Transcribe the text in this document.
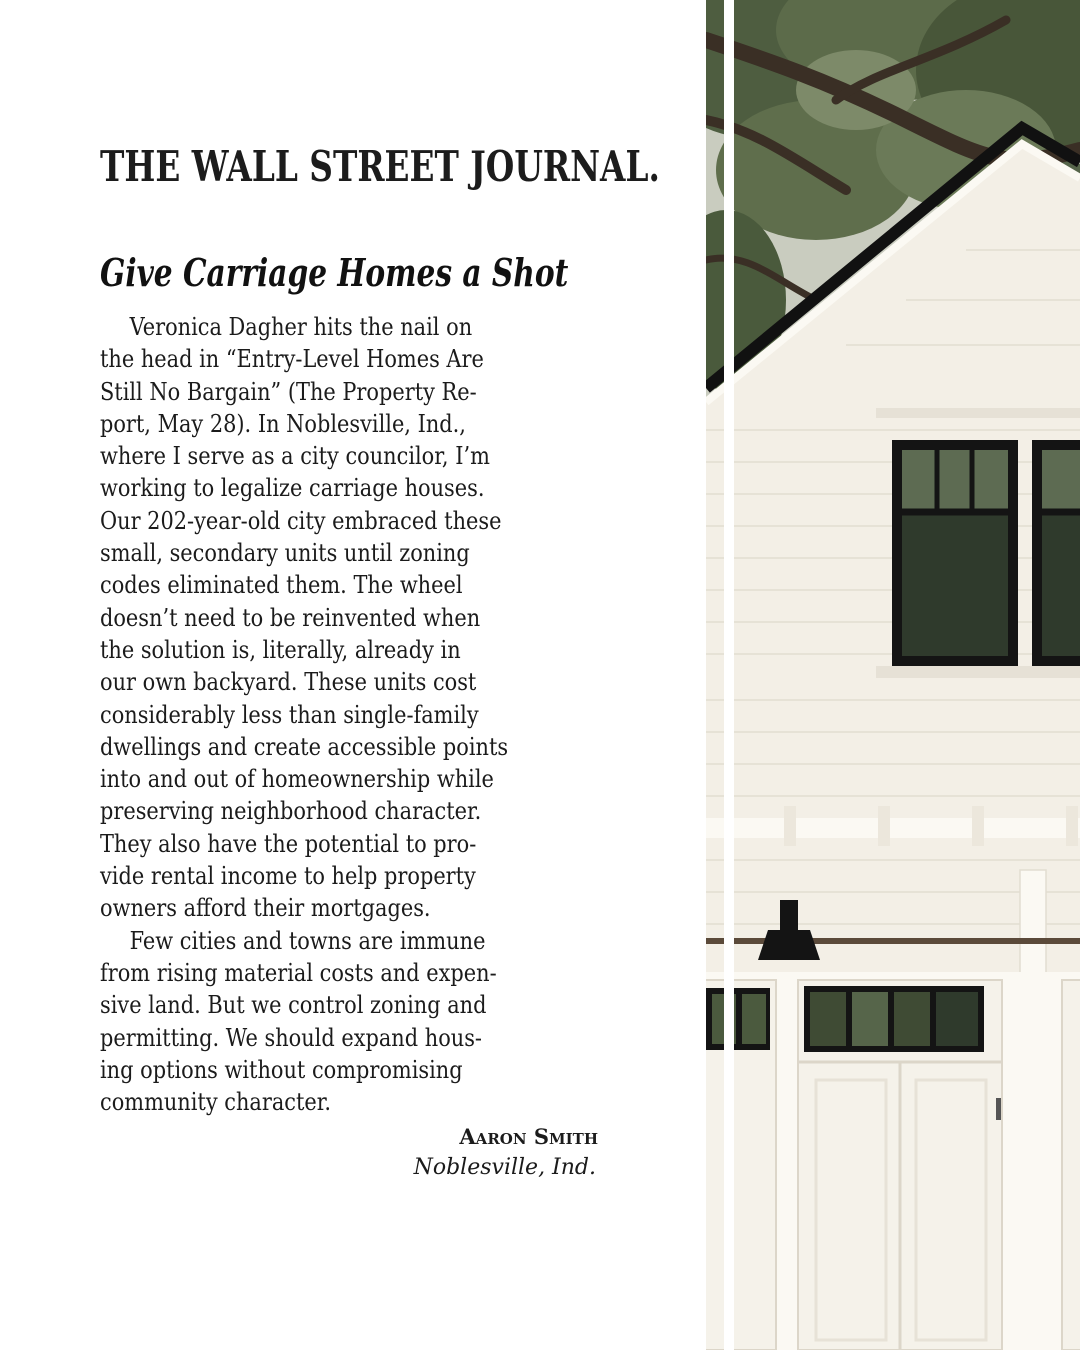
THE WALL STREET JOURNAL.
Give Carriage Homes a Shot
Veronica Dagher hits the nail on
the head in “Entry-Level Homes Are
Still No Bargain” (The Property Re-
port, May 28). In Noblesville, Ind.,
where I serve as a city councilor, I’m
working to legalize carriage houses.
Our 202-year-old city embraced these
small, secondary units until zoning
codes eliminated them. The wheel
doesn’t need to be reinvented when
the solution is, literally, already in
our own backyard. These units cost
considerably less than single-family
dwellings and create accessible points
into and out of homeownership while
preserving neighborhood character.
They also have the potential to pro-
vide rental income to help property
owners afford their mortgages.
Few cities and towns are immune
from rising material costs and expen-
sive land. But we control zoning and
permitting. We should expand hous-
ing options without compromising
community character.
Aaron Smith
Noblesville, Ind.
